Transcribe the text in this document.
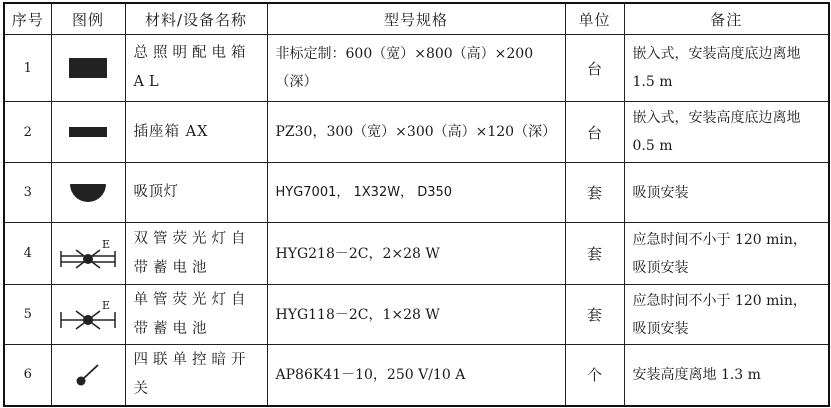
序号	图例	材料/设备名称	型号规格	单位	备注
1		总照明配电箱 AL	非标定制：600（宽）×800（高）×200（深）	台	嵌入式，安装高度底边离地 1.5 m
2		插座箱 AX	PZ30，300（宽）×300（高）×120（深）	台	嵌入式，安装高度底边离地0.5 m
3		吸顶灯	HYG7001， 1X32W， D350	套	吸顶安装
4	E	双管荧光灯自带蓄电池	HYG218－2C，2×28 W	套	应急时间不小于 120 min，吸顶安装
5	E	单管荧光灯自带蓄电池	HYG118－2C，1×28 W	套	应急时间不小于 120 min，吸顶安装
6		四联单控暗开关	AP86K41－10，250 V/10 A	个	安装高度离地 1.3 m
